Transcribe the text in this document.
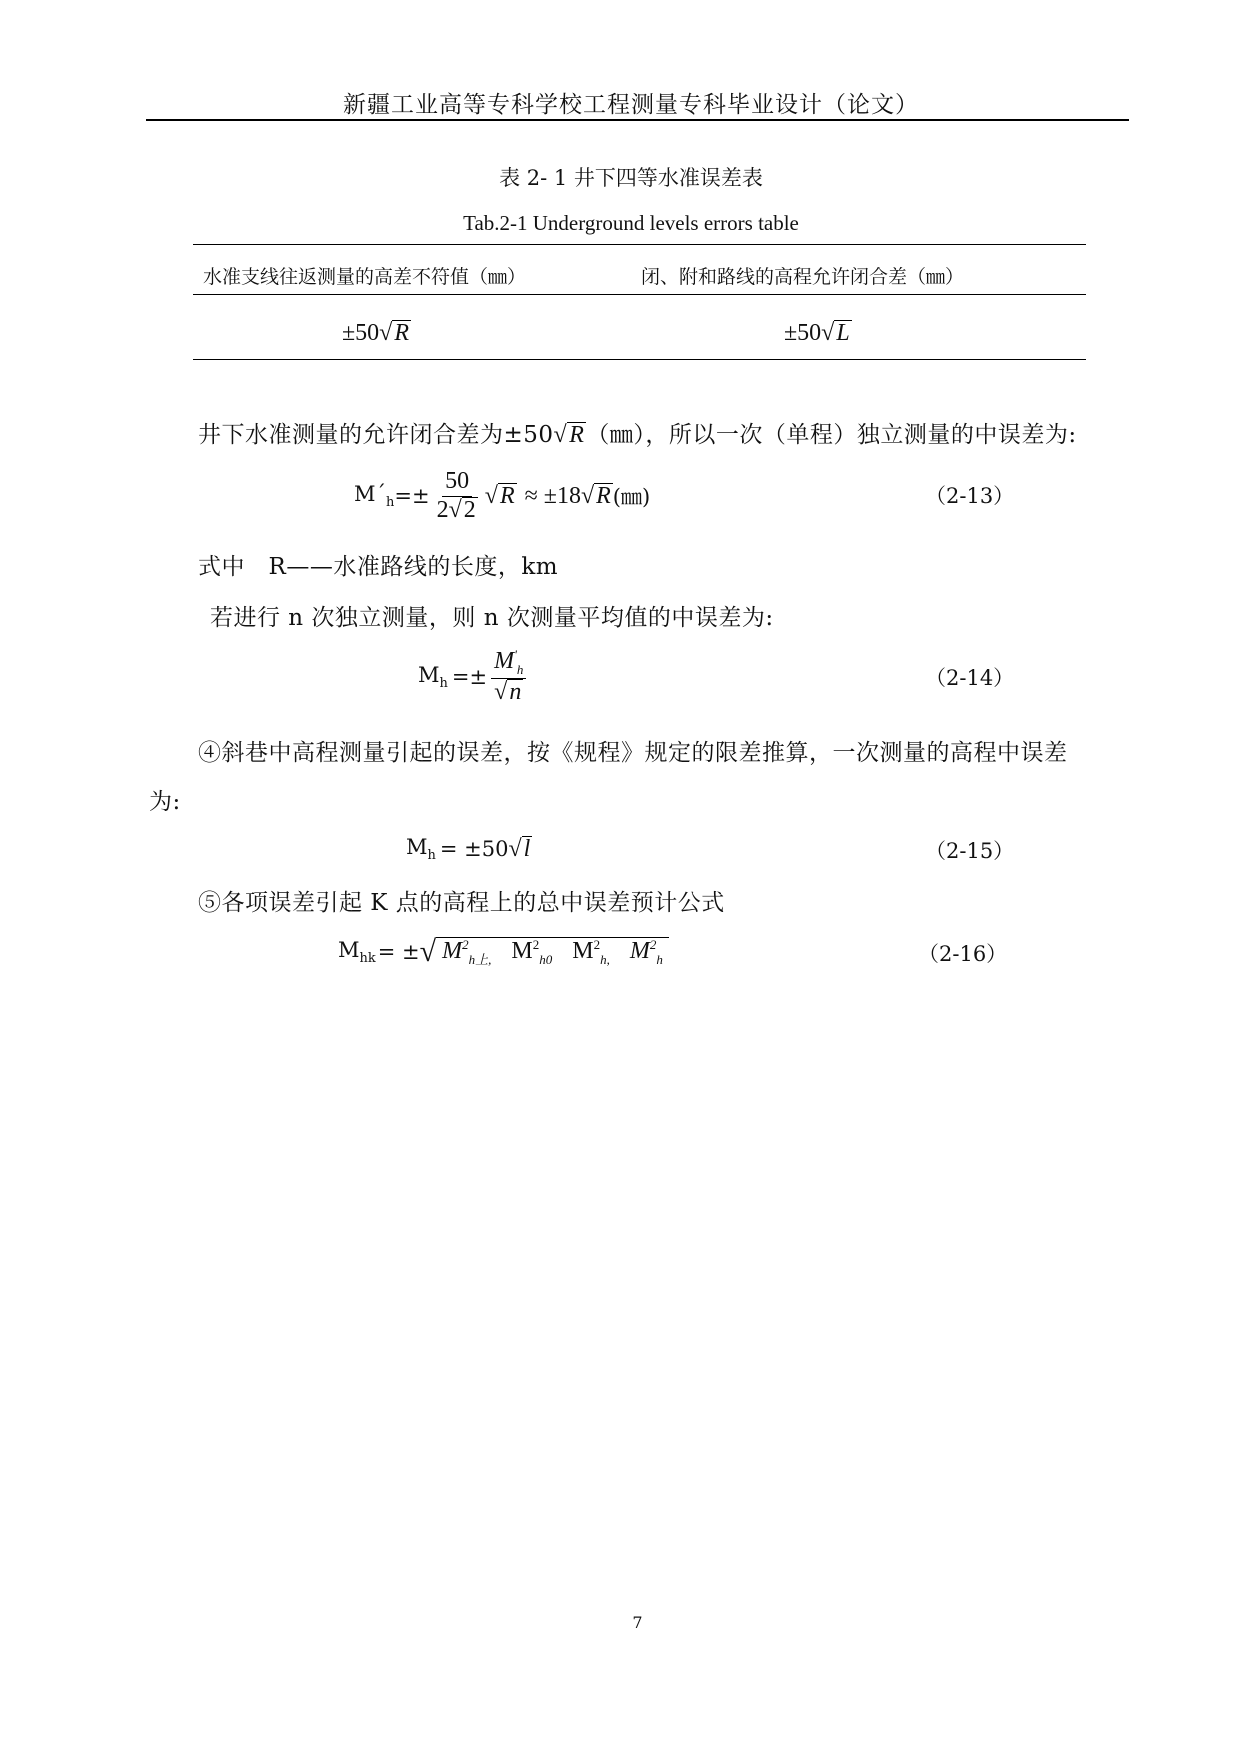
新疆工业高等专科学校工程测量专科毕业设计（论文）
表 2- 1 井下四等水准误差表
Tab.2-1 Underground levels errors table
水准支线往返测量的高差不符值（㎜）	闭、附和路线的高程允许闭合差（㎜）
±50√R	±50√L
井下水准测量的允许闭合差为±50√R（㎜），所以一次（单程）独立测量的中误差为:
$M´_h =\pm \frac{50}{2√2}$ √ R ≈ ±18 √ R (㎜)	（2-13）
式中　R——水准路线的长度，km
若进行 n 次独立测量，则 n 次测量平均值的中误差为:
$M_h =\pm \frac{M'_h}{√n}$	（2-14）
④斜巷中高程测量引起的误差，按《规程》规定的限差推算，一次测量的高程中误差
为:
$M_h = \pm 50$ √ l	（2-15）
⑤各项误差引起 K 点的高程上的总中误差预计公式
$M_{hk}$ = ± √ $M^2_{h上,}$ $M^2_{h0}$ $M^2_{h,}$ $M^2_h$	（2-16）
7
